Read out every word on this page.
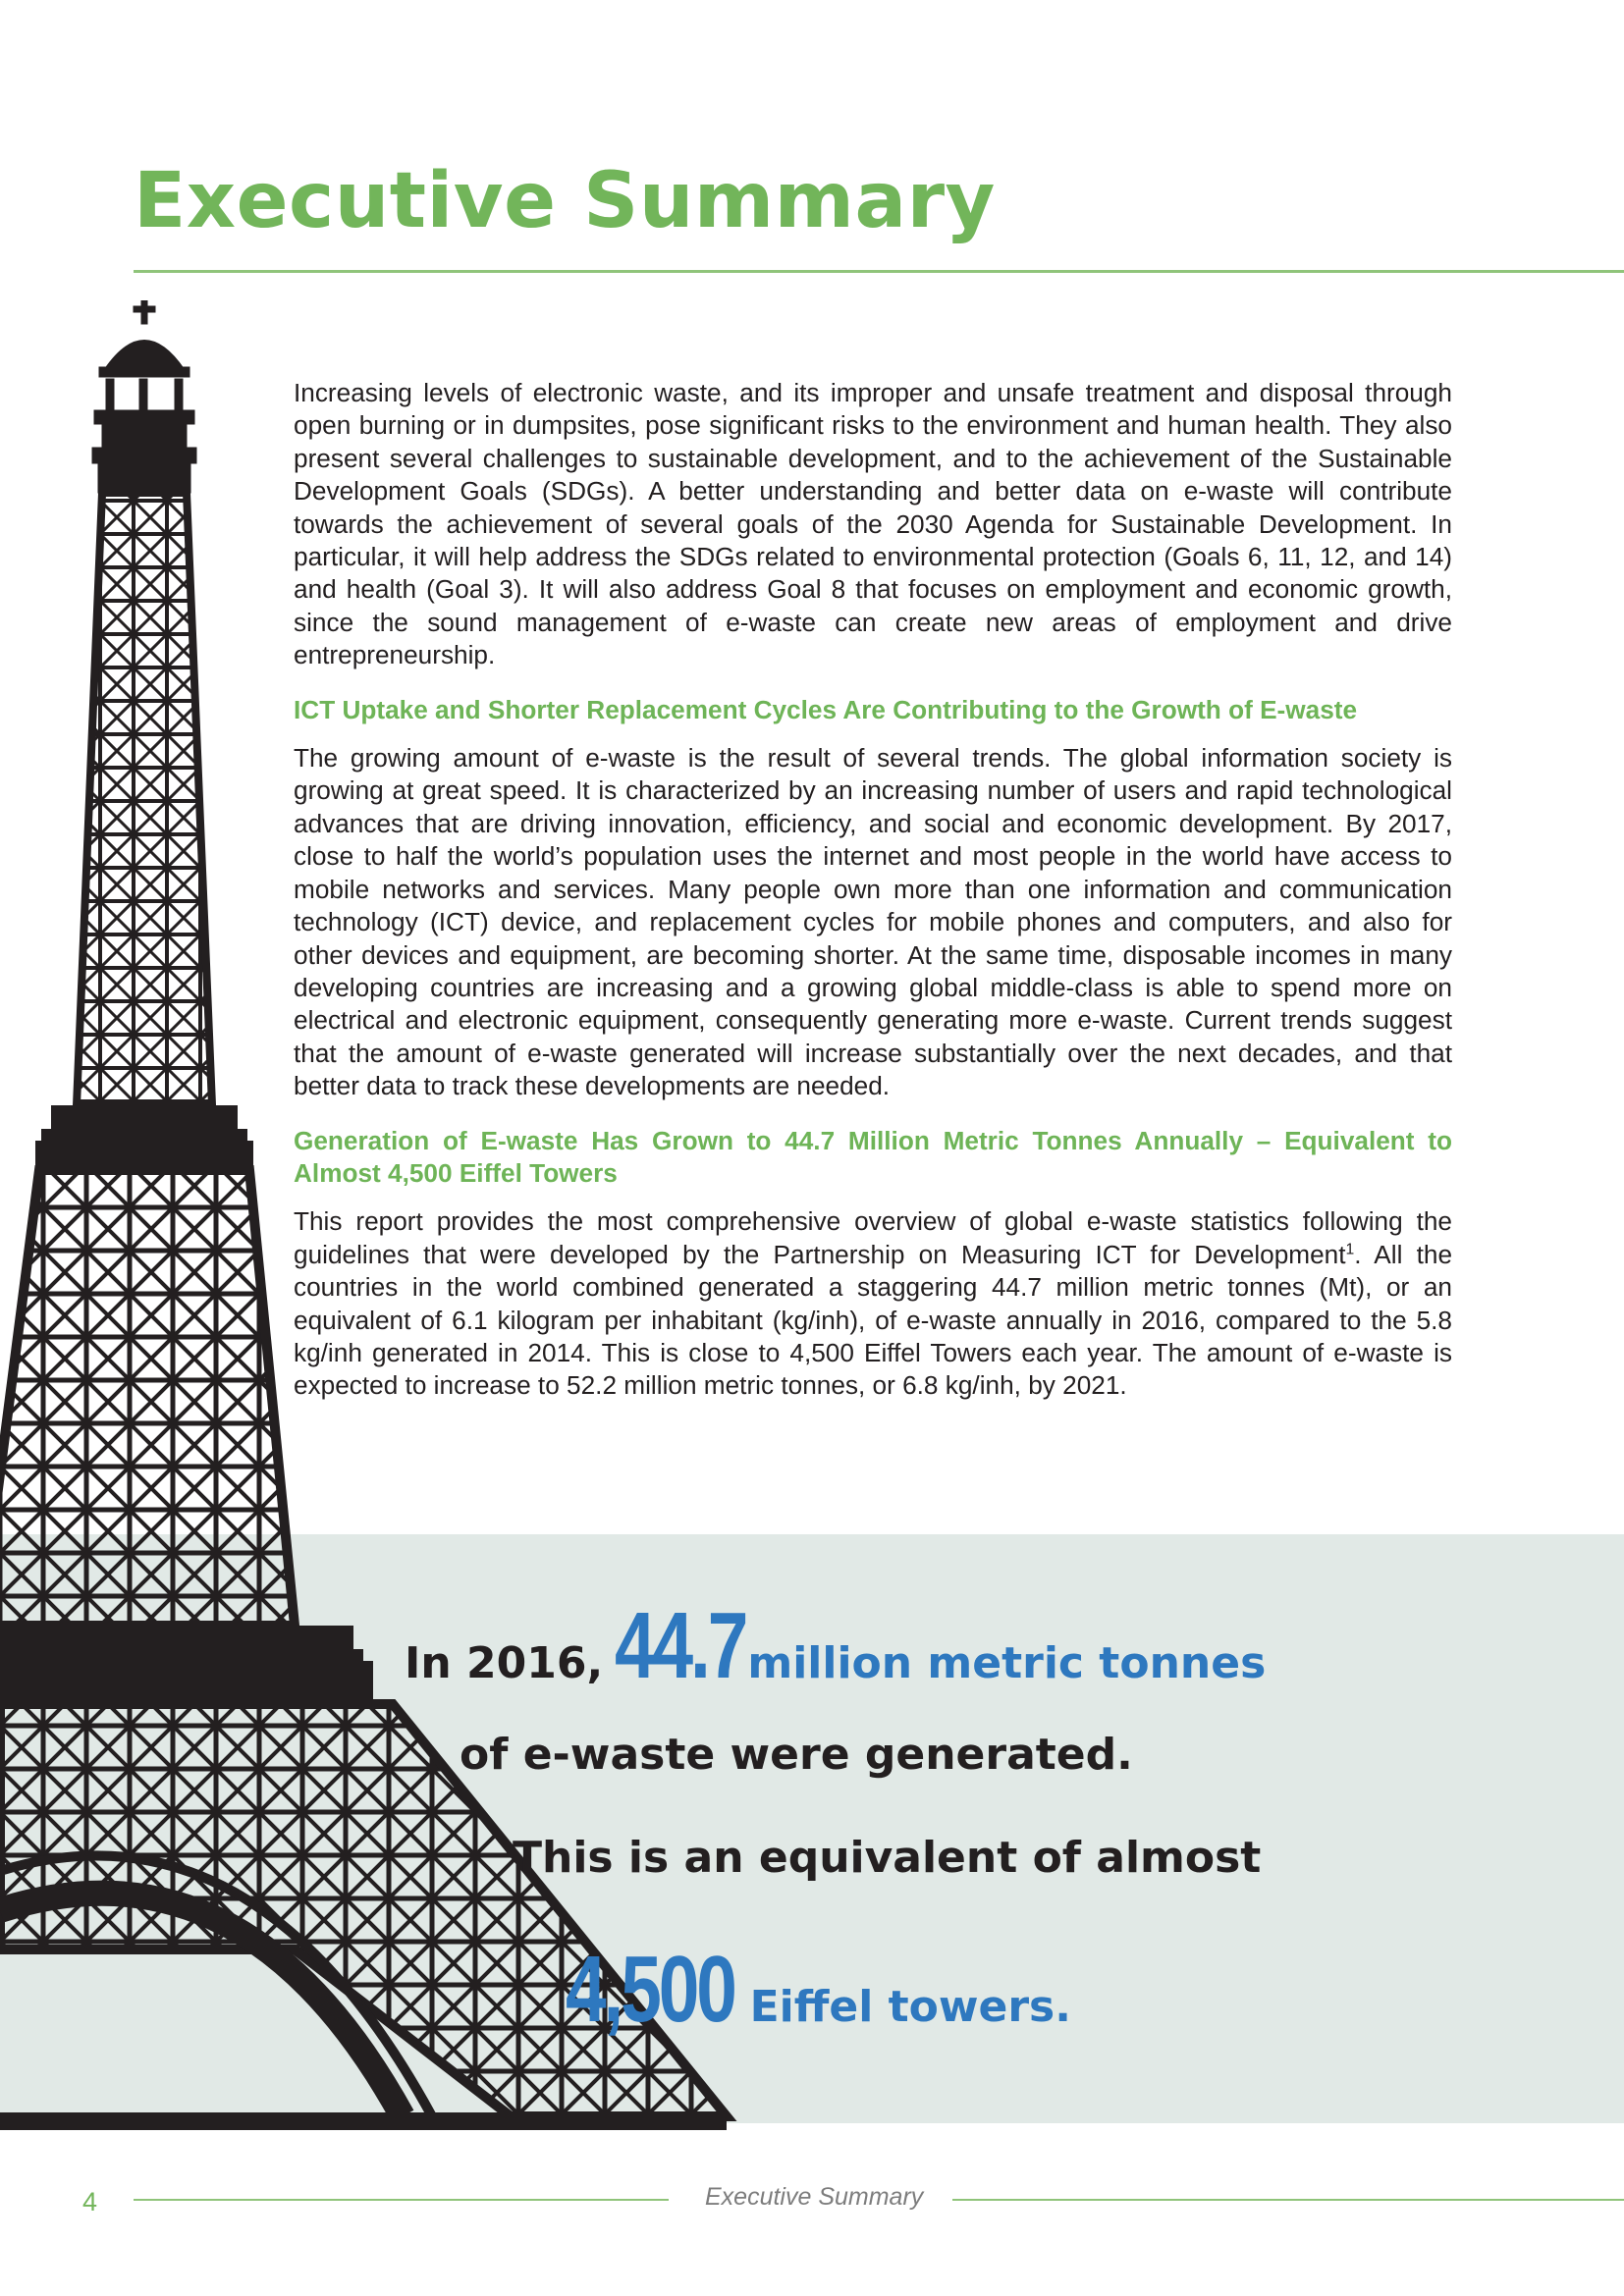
Executive Summary

Increasing levels of electronic waste, and its improper and unsafe treatment and disposal through open burning or in dumpsites, pose significant risks to the environment and human health. They also present several challenges to sustainable development, and to the achievement of the Sustainable Development Goals (SDGs). A better understanding and better data on e-waste will contribute towards the achievement of several goals of the 2030 Agenda for Sustainable Development. In particular, it will help address the SDGs related to environmental protection (Goals 6, 11, 12, and 14) and health (Goal 3). It will also address Goal 8 that focuses on employment and economic growth, since the sound management of e-waste can create new areas of employment and drive entrepreneurship.

ICT Uptake and Shorter Replacement Cycles Are Contributing to the Growth of E-waste

The growing amount of e-waste is the result of several trends. The global information society is growing at great speed. It is characterized by an increasing number of users and rapid technological advances that are driving innovation, efficiency, and social and economic development. By 2017, close to half the world’s population uses the internet and most people in the world have access to mobile networks and services. Many people own more than one information and communication technology (ICT) device, and replacement cycles for mobile phones and computers, and also for other devices and equipment, are becoming shorter. At the same time, disposable incomes in many developing countries are increasing and a growing global middle-class is able to spend more on electrical and electronic equipment, consequently generating more e-waste. Current trends suggest that the amount of e-waste generated will increase substantially over the next decades, and that better data to track these developments are needed.

Generation of E-waste Has Grown to 44.7 Million Metric Tonnes Annually – Equivalent to Almost 4,500 Eiffel Towers

This report provides the most comprehensive overview of global e-waste statistics following the guidelines that were developed by the Partnership on Measuring ICT for Development$^1$. All the countries in the world combined generated a staggering 44.7 million metric tonnes (Mt), or an equivalent of 6.1 kilogram per inhabitant (kg/inh), of e-waste annually in 2016, compared to the 5.8 kg/inh generated in 2014. This is close to 4,500 Eiffel Towers each year. The amount of e-waste is expected to increase to 52.2 million metric tonnes, or 6.8 kg/inh, by 2021.

In 2016, 44.7 million metric tonnes
of e-waste were generated.
This is an equivalent of almost
4,500 Eiffel towers.
4	Executive Summary
